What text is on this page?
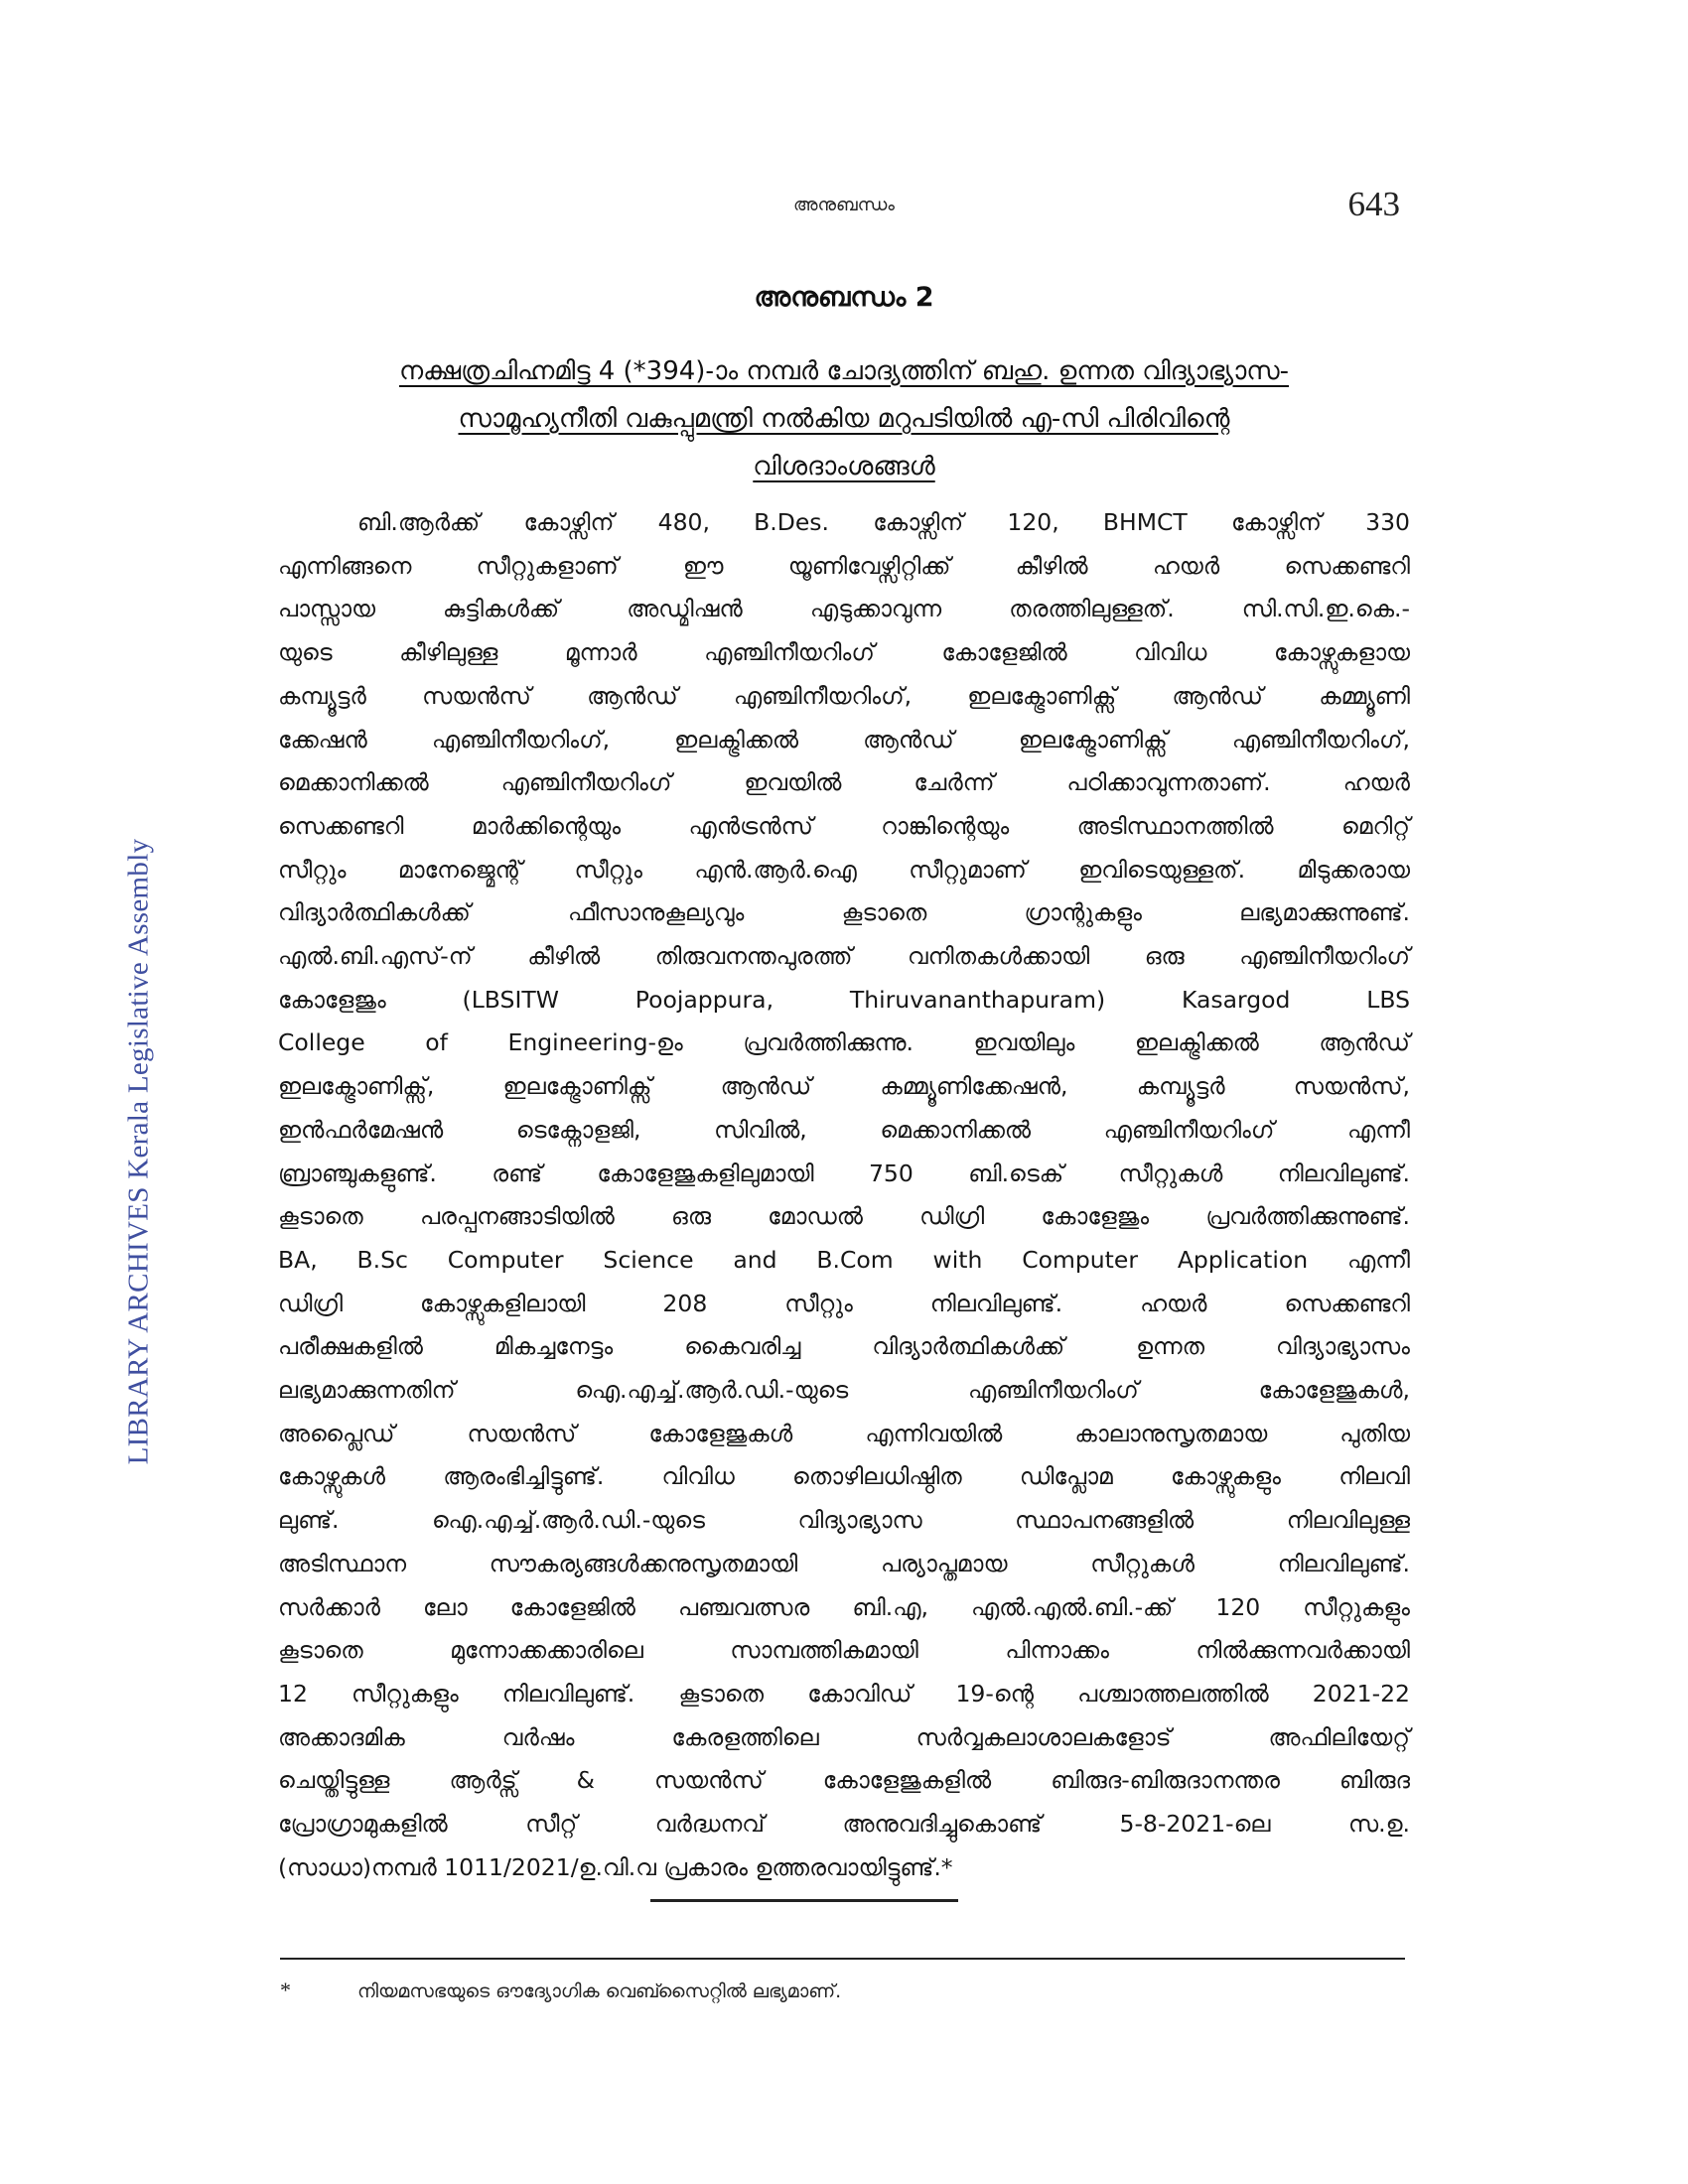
LIBRARY ARCHIVES Kerala Legislative Assembly
അനുബന്ധം	643
അനുബന്ധം 2
നക്ഷത്രചിഹ്നമിട്ട 4 (*394)-ാം നമ്പർ ചോദ്യത്തിന് ബഹു. ഉന്നത വിദ്യാഭ്യാസ-
സാമൂഹ്യനീതി വകുപ്പുമന്ത്രി നൽകിയ മറുപടിയിൽ എ-സി പിരിവിന്റെ
വിശദാംശങ്ങൾ
ബി.ആർക്ക് കോഴ്സിന് 480, B.Des. കോഴ്സിന് 120, BHMCT കോഴ്സിന് 330
എന്നിങ്ങനെ സീറ്റുകളാണ് ഈ യൂണിവേഴ്സിറ്റിക്ക് കീഴിൽ ഹയർ സെക്കണ്ടറി
പാസ്സായ കുട്ടികൾക്ക് അഡ്മിഷൻ എടുക്കാവുന്ന തരത്തിലുള്ളത്. സി.സി.ഇ.കെ.-
യുടെ കീഴിലുള്ള മൂന്നാർ എഞ്ചിനീയറിംഗ് കോളേജിൽ വിവിധ കോഴ്സുകളായ
കമ്പ്യൂട്ടർ സയൻസ് ആൻഡ് എഞ്ചിനീയറിംഗ്, ഇലക്ട്രോണിക്സ് ആൻഡ് കമ്മ്യൂണി
ക്കേഷൻ എഞ്ചിനീയറിംഗ്, ഇലക്ട്രിക്കൽ ആൻഡ് ഇലക്ട്രോണിക്സ് എഞ്ചിനീയറിംഗ്,
മെക്കാനിക്കൽ എഞ്ചിനീയറിംഗ് ഇവയിൽ ചേർന്ന് പഠിക്കാവുന്നതാണ്. ഹയർ
സെക്കണ്ടറി മാർക്കിന്റെയും എൻട്രൻസ് റാങ്കിന്റെയും അടിസ്ഥാനത്തിൽ മെറിറ്റ്
സീറ്റും മാനേജ്മെന്റ് സീറ്റും എൻ.ആർ.ഐ സീറ്റുമാണ് ഇവിടെയുള്ളത്. മിടുക്കരായ
വിദ്യാർത്ഥികൾക്ക് ഫീസാനുകൂല്യവും കൂടാതെ ഗ്രാന്റുകളും ലഭ്യമാക്കുന്നുണ്ട്.
എൽ.ബി.എസ്-ന് കീഴിൽ തിരുവനന്തപുരത്ത് വനിതകൾക്കായി ഒരു എഞ്ചിനീയറിംഗ്
കോളേജും (LBSITW Poojappura, Thiruvananthapuram) Kasargod LBS
College of Engineering-ഉം പ്രവർത്തിക്കുന്നു. ഇവയിലും ഇലക്ട്രിക്കൽ ആൻഡ്
ഇലക്ട്രോണിക്സ്, ഇലക്ട്രോണിക്സ് ആൻഡ് കമ്മ്യൂണിക്കേഷൻ, കമ്പ്യൂട്ടർ സയൻസ്,
ഇൻഫർമേഷൻ ടെക്നോളജി, സിവിൽ, മെക്കാനിക്കൽ എഞ്ചിനീയറിംഗ് എന്നീ
ബ്രാഞ്ചുകളുണ്ട്. രണ്ട് കോളേജുകളിലുമായി 750 ബി.ടെക് സീറ്റുകൾ നിലവിലുണ്ട്.
കൂടാതെ പരപ്പനങ്ങാടിയിൽ ഒരു മോഡൽ ഡിഗ്രി കോളേജും പ്രവർത്തിക്കുന്നുണ്ട്.
BA, B.Sc Computer Science and B.Com with Computer Application എന്നീ
ഡിഗ്രി കോഴ്സുകളിലായി 208 സീറ്റും നിലവിലുണ്ട്. ഹയർ സെക്കണ്ടറി
പരീക്ഷകളിൽ മികച്ചനേട്ടം കൈവരിച്ച വിദ്യാർത്ഥികൾക്ക് ഉന്നത വിദ്യാഭ്യാസം
ലഭ്യമാക്കുന്നതിന് ഐ.എച്ച്.ആർ.ഡി.-യുടെ എഞ്ചിനീയറിംഗ് കോളേജുകൾ,
അപ്ലൈഡ് സയൻസ് കോളേജുകൾ എന്നിവയിൽ കാലാനുസൃതമായ പുതിയ
കോഴ്സുകൾ ആരംഭിച്ചിട്ടുണ്ട്. വിവിധ തൊഴിലധിഷ്ഠിത ഡിപ്ലോമ കോഴ്സുകളും നിലവി
ലുണ്ട്. ഐ.എച്ച്.ആർ.ഡി.-യുടെ വിദ്യാഭ്യാസ സ്ഥാപനങ്ങളിൽ നിലവിലുള്ള
അടിസ്ഥാന സൗകര്യങ്ങൾക്കനുസൃതമായി പര്യാപ്തമായ സീറ്റുകൾ നിലവിലുണ്ട്.
സർക്കാർ ലോ കോളേജിൽ പഞ്ചവത്സര ബി.എ, എൽ.എൽ.ബി.-ക്ക് 120 സീറ്റുകളും
കൂടാതെ മുന്നോക്കക്കാരിലെ സാമ്പത്തികമായി പിന്നാക്കം നിൽക്കുന്നവർക്കായി
12 സീറ്റുകളും നിലവിലുണ്ട്. കൂടാതെ കോവിഡ് 19-ന്റെ പശ്ചാത്തലത്തിൽ 2021-22
അക്കാദമിക വർഷം കേരളത്തിലെ സർവ്വകലാശാലകളോട് അഫിലിയേറ്റ്
ചെയ്തിട്ടുള്ള ആർട്സ് & സയൻസ് കോളേജുകളിൽ ബിരുദ-ബിരുദാനന്തര ബിരുദ
പ്രോഗ്രാമുകളിൽ സീറ്റ് വർദ്ധനവ് അനുവദിച്ചുകൊണ്ട് 5-8-2021-ലെ സ.ഉ.
(സാധാ)നമ്പർ 1011/2021/ഉ.വി.വ പ്രകാരം ഉത്തരവായിട്ടുണ്ട്.*
*	നിയമസഭയുടെ ഔദ്യോഗിക വെബ്സൈറ്റിൽ ലഭ്യമാണ്.
